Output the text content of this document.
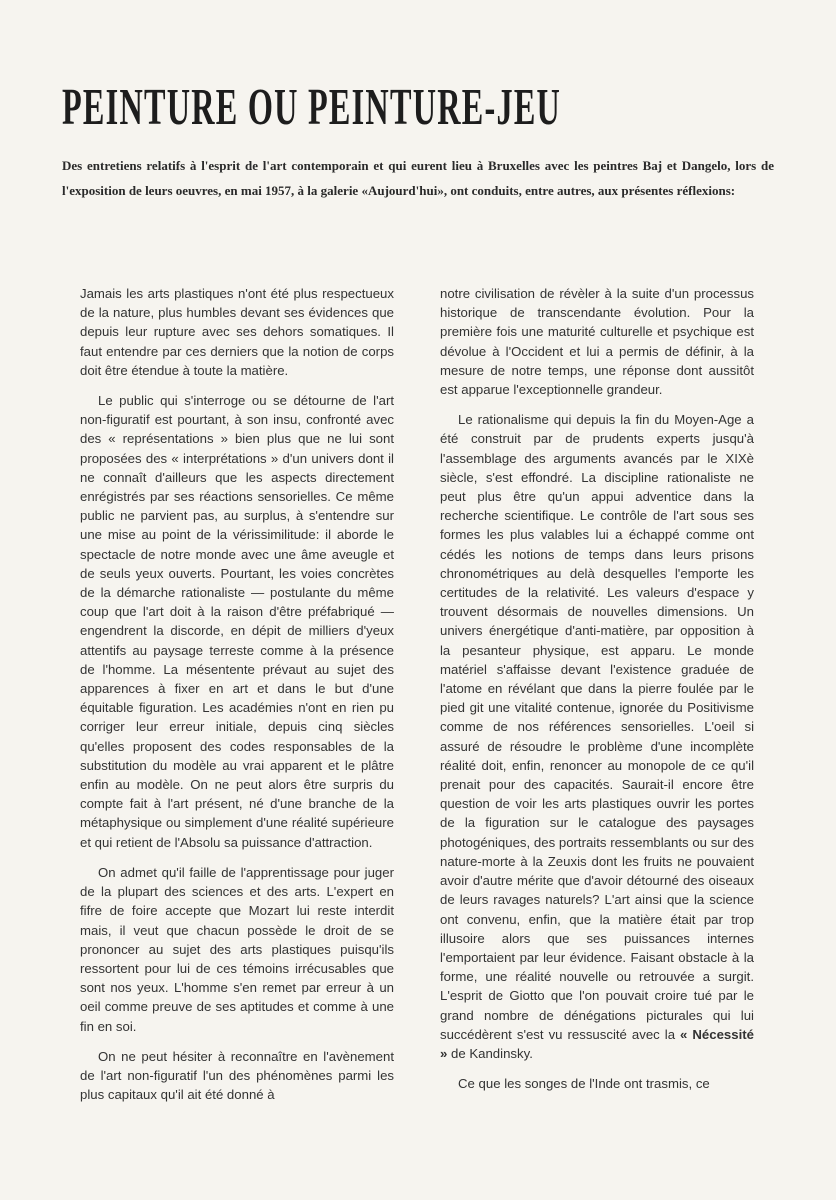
PEINTURE OU PEINTURE-JEU
Des entretiens relatifs à l'esprit de l'art contemporain et qui eurent lieu à Bruxelles avec les peintres Baj et Dangelo, lors de l'exposition de leurs oeuvres, en mai 1957, à la galerie «Aujourd'hui», ont conduits, entre autres, aux présentes réflexions:

Jamais les arts plastiques n'ont été plus respectueux de la nature, plus humbles devant ses évidences que depuis leur rupture avec ses dehors somatiques. Il faut entendre par ces derniers que la notion de corps doit être étendue à toute la matière.

Le public qui s'interroge ou se détourne de l'art non-figuratif est pourtant, à son insu, confronté avec des « représentations » bien plus que ne lui sont proposées des « interprétations » d'un univers dont il ne connaît d'ailleurs que les aspects directement enrégistrés par ses réactions sensorielles. Ce même public ne parvient pas, au surplus, à s'entendre sur une mise au point de la vérissimilitude: il aborde le spectacle de notre monde avec une âme aveugle et de seuls yeux ouverts. Pourtant, les voies concrètes de la démarche rationaliste — postulante du même coup que l'art doit à la raison d'être préfabriqué — engendrent la discorde, en dépit de milliers d'yeux attentifs au paysage terreste comme à la présence de l'homme. La mésentente prévaut au sujet des apparences à fixer en art et dans le but d'une équitable figuration. Les académies n'ont en rien pu corriger leur erreur initiale, depuis cinq siècles qu'elles proposent des codes responsables de la substitution du modèle au vrai apparent et le plâtre enfin au modèle. On ne peut alors être surpris du compte fait à l'art présent, né d'une branche de la métaphysique ou simplement d'une réalité supérieure et qui retient de l'Absolu sa puissance d'attraction.

On admet qu'il faille de l'apprentissage pour juger de la plupart des sciences et des arts. L'expert en fifre de foire accepte que Mozart lui reste interdit mais, il veut que chacun possède le droit de se prononcer au sujet des arts plastiques puisqu'ils ressortent pour lui de ces témoins irrécusables que sont nos yeux. L'homme s'en remet par erreur à un oeil comme preuve de ses aptitudes et comme à une fin en soi.

On ne peut hésiter à reconnaître en l'avènement de l'art non-figuratif l'un des phénomènes parmi les plus capitaux qu'il ait été donné à

notre civilisation de révèler à la suite d'un processus historique de transcendante évolution. Pour la première fois une maturité culturelle et psychique est dévolue à l'Occident et lui a permis de définir, à la mesure de notre temps, une réponse dont aussitôt est apparue l'exceptionnelle grandeur.

Le rationalisme qui depuis la fin du Moyen-Age a été construit par de prudents experts jusqu'à l'assemblage des arguments avancés par le XIXè siècle, s'est effondré. La discipline rationaliste ne peut plus être qu'un appui adventice dans la recherche scientifique. Le contrôle de l'art sous ses formes les plus valables lui a échappé comme ont cédés les notions de temps dans leurs prisons chronométriques au delà desquelles l'emporte les certitudes de la relativité. Les valeurs d'espace y trouvent désormais de nouvelles dimensions. Un univers énergétique d'anti-matière, par opposition à la pesanteur physique, est apparu. Le monde matériel s'affaisse devant l'existence graduée de l'atome en révélant que dans la pierre foulée par le pied git une vitalité contenue, ignorée du Positivisme comme de nos références sensorielles. L'oeil si assuré de résoudre le problème d'une incomplète réalité doit, enfin, renoncer au monopole de ce qu'il prenait pour des capacités. Saurait-il encore être question de voir les arts plastiques ouvrir les portes de la figuration sur le catalogue des paysages photogéniques, des portraits ressemblants ou sur des nature-morte à la Zeuxis dont les fruits ne pouvaient avoir d'autre mérite que d'avoir détourné des oiseaux de leurs ravages naturels? L'art ainsi que la science ont convenu, enfin, que la matière était par trop illusoire alors que ses puissances internes l'emportaient par leur évidence. Faisant obstacle à la forme, une réalité nouvelle ou retrouvée a surgit. L'esprit de Giotto que l'on pouvait croire tué par le grand nombre de dénégations picturales qui lui succédèrent s'est vu ressuscité avec la « Nécessité » de Kandinsky.

Ce que les songes de l'Inde ont trasmis, ce
